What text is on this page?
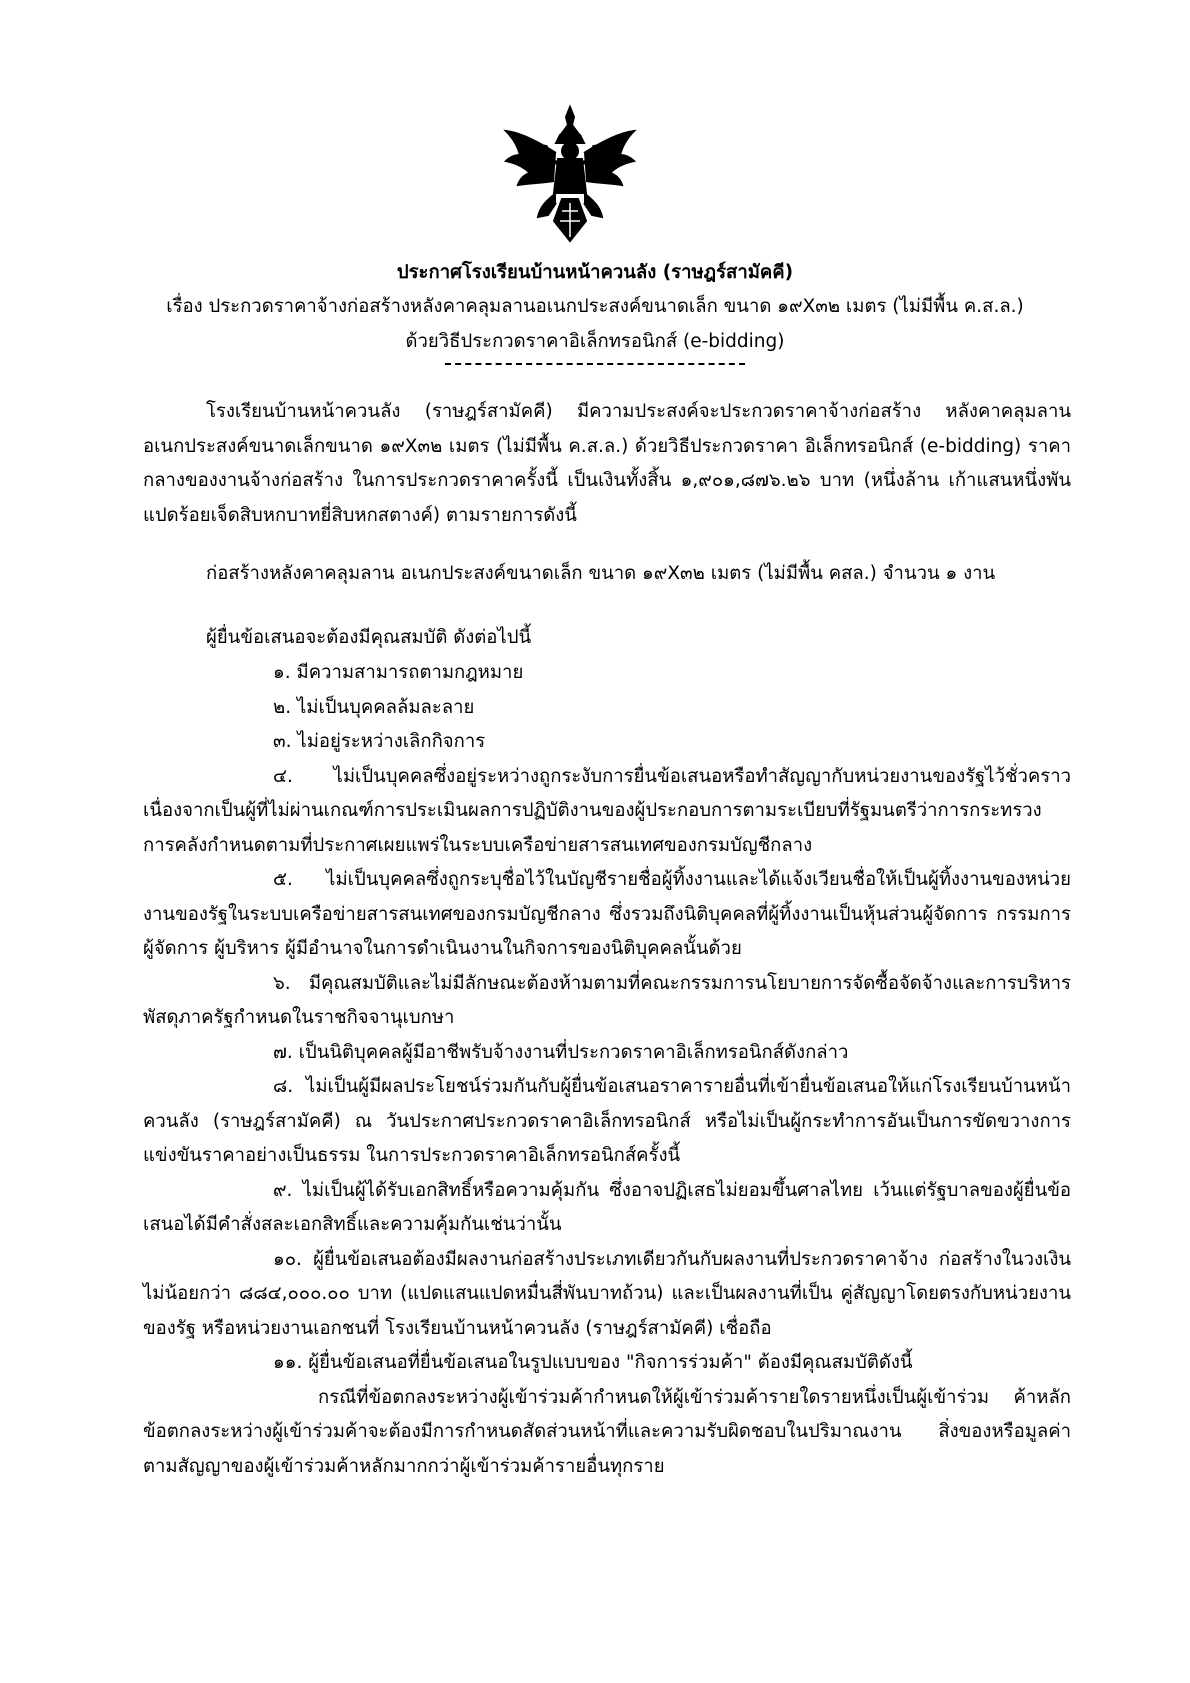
ประกาศโรงเรียนบ้านหน้าควนลัง (ราษฎร์สามัคคี)
เรื่อง ประกวดราคาจ้างก่อสร้างหลังคาคลุมลานอเนกประสงค์ขนาดเล็ก ขนาด ๑๙X๓๒ เมตร (ไม่มีพื้น ค.ส.ล.)
ด้วยวิธีประกวดราคาอิเล็กทรอนิกส์ (e-bidding)
โรงเรียนบ้านหน้าควนลัง (ราษฎร์สามัคคี) มีความประสงค์จะประกวดราคาจ้างก่อสร้าง หลังคาคลุมลาน อเนกประสงค์ขนาดเล็กขนาด ๑๙X๓๒ เมตร (ไม่มีพื้น ค.ส.ล.) ด้วยวิธีประกวดราคา อิเล็กทรอนิกส์ (e-bidding) ราคากลางของงานจ้างก่อสร้าง ในการประกวดราคาครั้งนี้ เป็นเงินทั้งสิ้น ๑,๙๐๑,๘๗๖.๒๖ บาท (หนึ่งล้าน เก้าแสนหนึ่งพันแปดร้อยเจ็ดสิบหกบาทยี่สิบหกสตางค์) ตามรายการดังนี้
ก่อสร้างหลังคาคลุมลาน อเนกประสงค์ขนาดเล็ก ขนาด ๑๙X๓๒ เมตร (ไม่มีพื้น คสล.) จำนวน ๑ งาน
ผู้ยื่นข้อเสนอจะต้องมีคุณสมบัติ ดังต่อไปนี้
๑. มีความสามารถตามกฎหมาย
๒. ไม่เป็นบุคคลล้มละลาย
๓. ไม่อยู่ระหว่างเลิกกิจการ
๔. ไม่เป็นบุคคลซึ่งอยู่ระหว่างถูกระงับการยื่นข้อเสนอหรือทำสัญญากับหน่วยงานของรัฐไว้ชั่วคราว เนื่องจากเป็นผู้ที่ไม่ผ่านเกณฑ์การประเมินผลการปฏิบัติงานของผู้ประกอบการตามระเบียบที่รัฐมนตรีว่าการกระทรวงการคลังกำหนดตามที่ประกาศเผยแพร่ในระบบเครือข่ายสารสนเทศของกรมบัญชีกลาง
๕. ไม่เป็นบุคคลซึ่งถูกระบุชื่อไว้ในบัญชีรายชื่อผู้ทิ้งงานและได้แจ้งเวียนชื่อให้เป็นผู้ทิ้งงานของหน่วยงานของรัฐในระบบเครือข่ายสารสนเทศของกรมบัญชีกลาง ซึ่งรวมถึงนิติบุคคลที่ผู้ทิ้งงานเป็นหุ้นส่วนผู้จัดการ กรรมการผู้จัดการ ผู้บริหาร ผู้มีอำนาจในการดำเนินงานในกิจการของนิติบุคคลนั้นด้วย
๖. มีคุณสมบัติและไม่มีลักษณะต้องห้ามตามที่คณะกรรมการนโยบายการจัดซื้อจัดจ้างและการบริหารพัสดุภาครัฐกำหนดในราชกิจจานุเบกษา
๗. เป็นนิติบุคคลผู้มีอาชีพรับจ้างงานที่ประกวดราคาอิเล็กทรอนิกส์ดังกล่าว
๘. ไม่เป็นผู้มีผลประโยชน์ร่วมกันกับผู้ยื่นข้อเสนอราคารายอื่นที่เข้ายื่นข้อเสนอให้แก่โรงเรียนบ้านหน้าควนลัง (ราษฎร์สามัคคี) ณ วันประกาศประกวดราคาอิเล็กทรอนิกส์ หรือไม่เป็นผู้กระทำการอันเป็นการขัดขวางการแข่งขันราคาอย่างเป็นธรรม ในการประกวดราคาอิเล็กทรอนิกส์ครั้งนี้
๙. ไม่เป็นผู้ได้รับเอกสิทธิ์หรือความคุ้มกัน ซึ่งอาจปฏิเสธไม่ยอมขึ้นศาลไทย เว้นแต่รัฐบาลของผู้ยื่นข้อเสนอได้มีคำสั่งสละเอกสิทธิ์และความคุ้มกันเช่นว่านั้น
๑๐. ผู้ยื่นข้อเสนอต้องมีผลงานก่อสร้างประเภทเดียวกันกับผลงานที่ประกวดราคาจ้าง ก่อสร้างในวงเงินไม่น้อยกว่า ๘๘๔,๐๐๐.๐๐ บาท (แปดแสนแปดหมื่นสี่พันบาทถ้วน) และเป็นผลงานที่เป็น คู่สัญญาโดยตรงกับหน่วยงานของรัฐ หรือหน่วยงานเอกชนที่ โรงเรียนบ้านหน้าควนลัง (ราษฎร์สามัคคี) เชื่อถือ
๑๑. ผู้ยื่นข้อเสนอที่ยื่นข้อเสนอในรูปแบบของ "กิจการร่วมค้า" ต้องมีคุณสมบัติดังนี้
กรณีที่ข้อตกลงระหว่างผู้เข้าร่วมค้ากำหนดให้ผู้เข้าร่วมค้ารายใดรายหนึ่งเป็นผู้เข้าร่วม ค้าหลัก ข้อตกลงระหว่างผู้เข้าร่วมค้าจะต้องมีการกำหนดสัดส่วนหน้าที่และความรับผิดชอบในปริมาณงาน สิ่งของหรือมูลค่าตามสัญญาของผู้เข้าร่วมค้าหลักมากกว่าผู้เข้าร่วมค้ารายอื่นทุกราย
